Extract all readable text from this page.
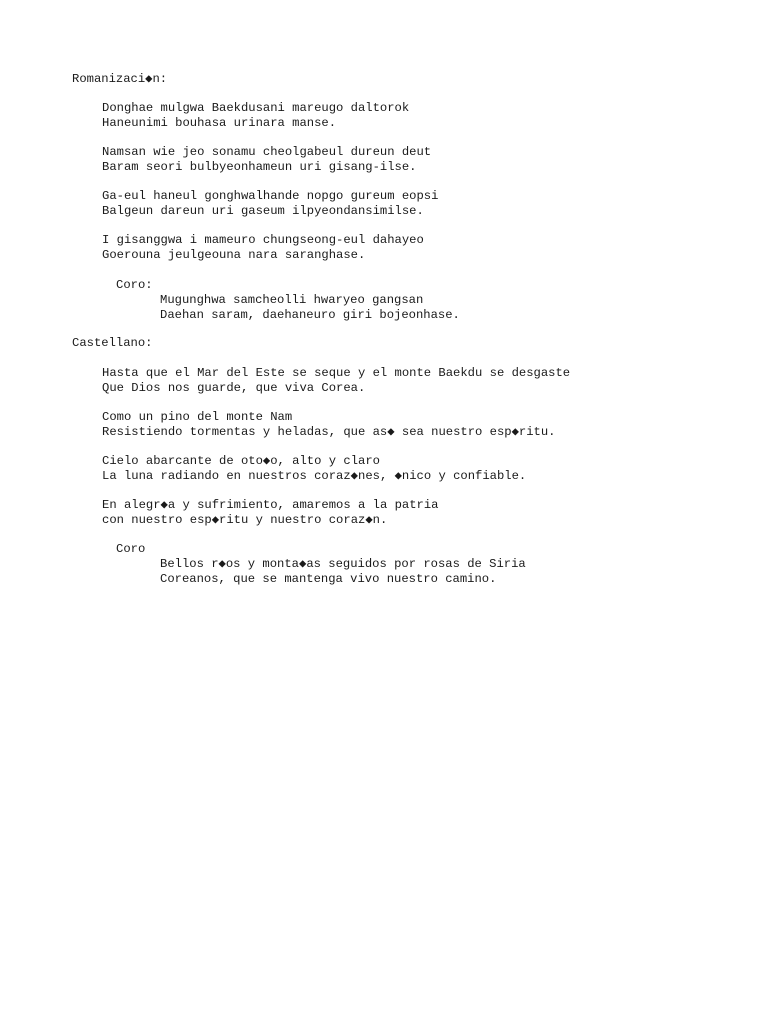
Romanizaci◆n:
Donghae mulgwa Baekdusani mareugo daltorok
Haneunimi bouhasa urinara manse.
Namsan wie jeo sonamu cheolgabeul dureun deut
Baram seori bulbyeonhameun uri gisang-ilse.
Ga-eul haneul gonghwalhande nopgo gureum eopsi
Balgeun dareun uri gaseum ilpyeondansimilse.
I gisanggwa i mameuro chungseong-eul dahayeo
Goerouna jeulgeouna nara saranghase.
Coro:
Mugunghwa samcheolli hwaryeo gangsan
Daehan saram, daehaneuro giri bojeonhase.
Castellano:
Hasta que el Mar del Este se seque y el monte Baekdu se desgaste
Que Dios nos guarde, que viva Corea.
Como un pino del monte Nam
Resistiendo tormentas y heladas, que as◆ sea nuestro esp◆ritu.
Cielo abarcante de oto◆o, alto y claro
La luna radiando en nuestros coraz◆nes, ◆nico y confiable.
En alegr◆a y sufrimiento, amaremos a la patria
con nuestro esp◆ritu y nuestro coraz◆n.
Coro
Bellos r◆os y monta◆as seguidos por rosas de Siria
Coreanos, que se mantenga vivo nuestro camino.
